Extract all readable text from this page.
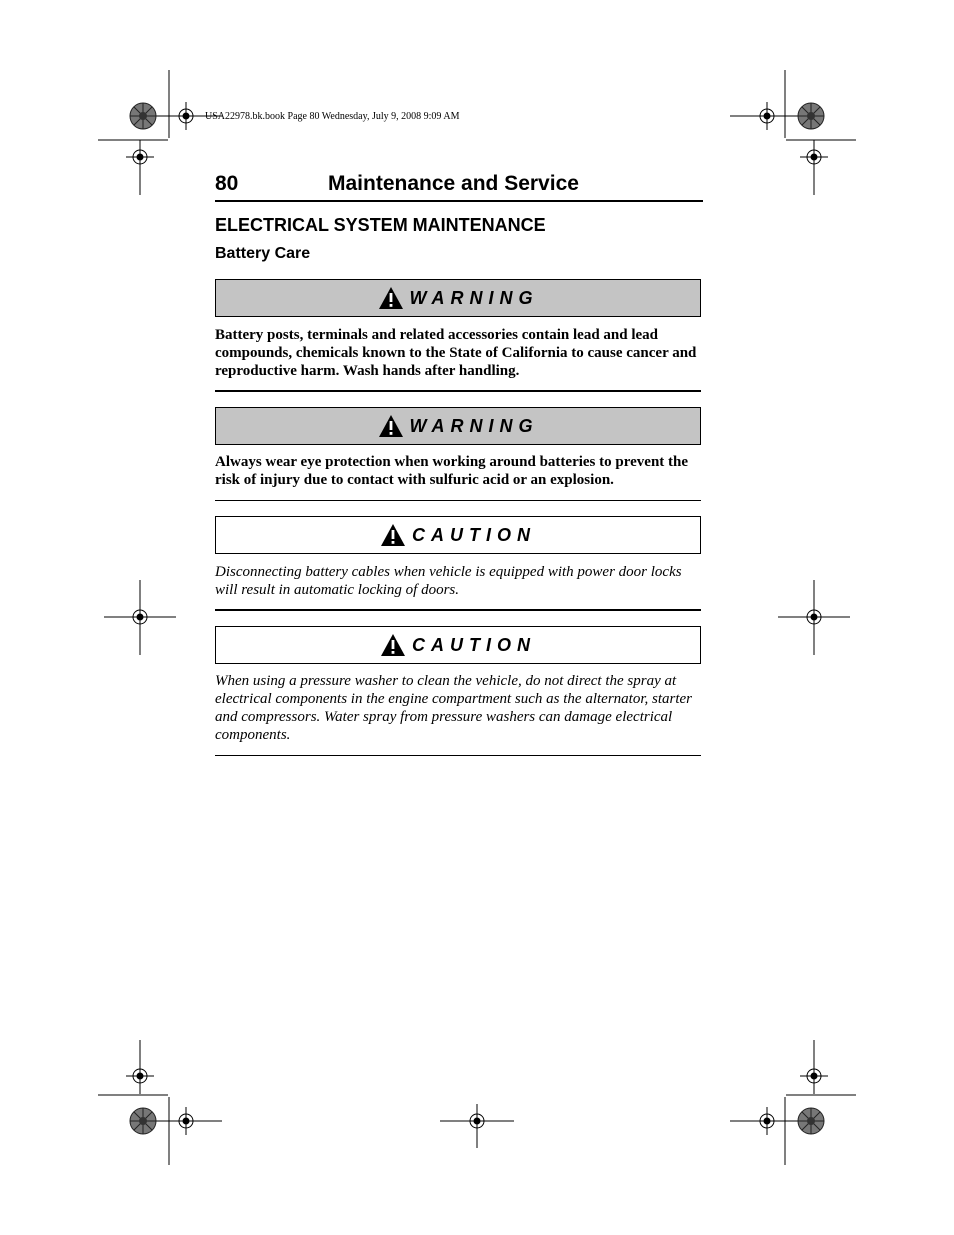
USA22978.bk.book Page 80 Wednesday, July 9, 2008 9:09 AM
80	Maintenance and Service
ELECTRICAL SYSTEM MAINTENANCE
Battery Care
WARNING
Battery posts, terminals and related accessories contain lead and lead compounds, chemicals known to the State of California to cause cancer and reproductive harm. Wash hands after handling.
WARNING
Always wear eye protection when working around batteries to prevent the risk of injury due to contact with sulfuric acid or an explosion.
CAUTION
Disconnecting battery cables when vehicle is equipped with power door locks will result in automatic locking of doors.
CAUTION
When using a pressure washer to clean the vehicle, do not direct the spray at electrical components in the engine compartment such as the alternator, starter and compressors. Water spray from pressure washers can damage electrical components.
